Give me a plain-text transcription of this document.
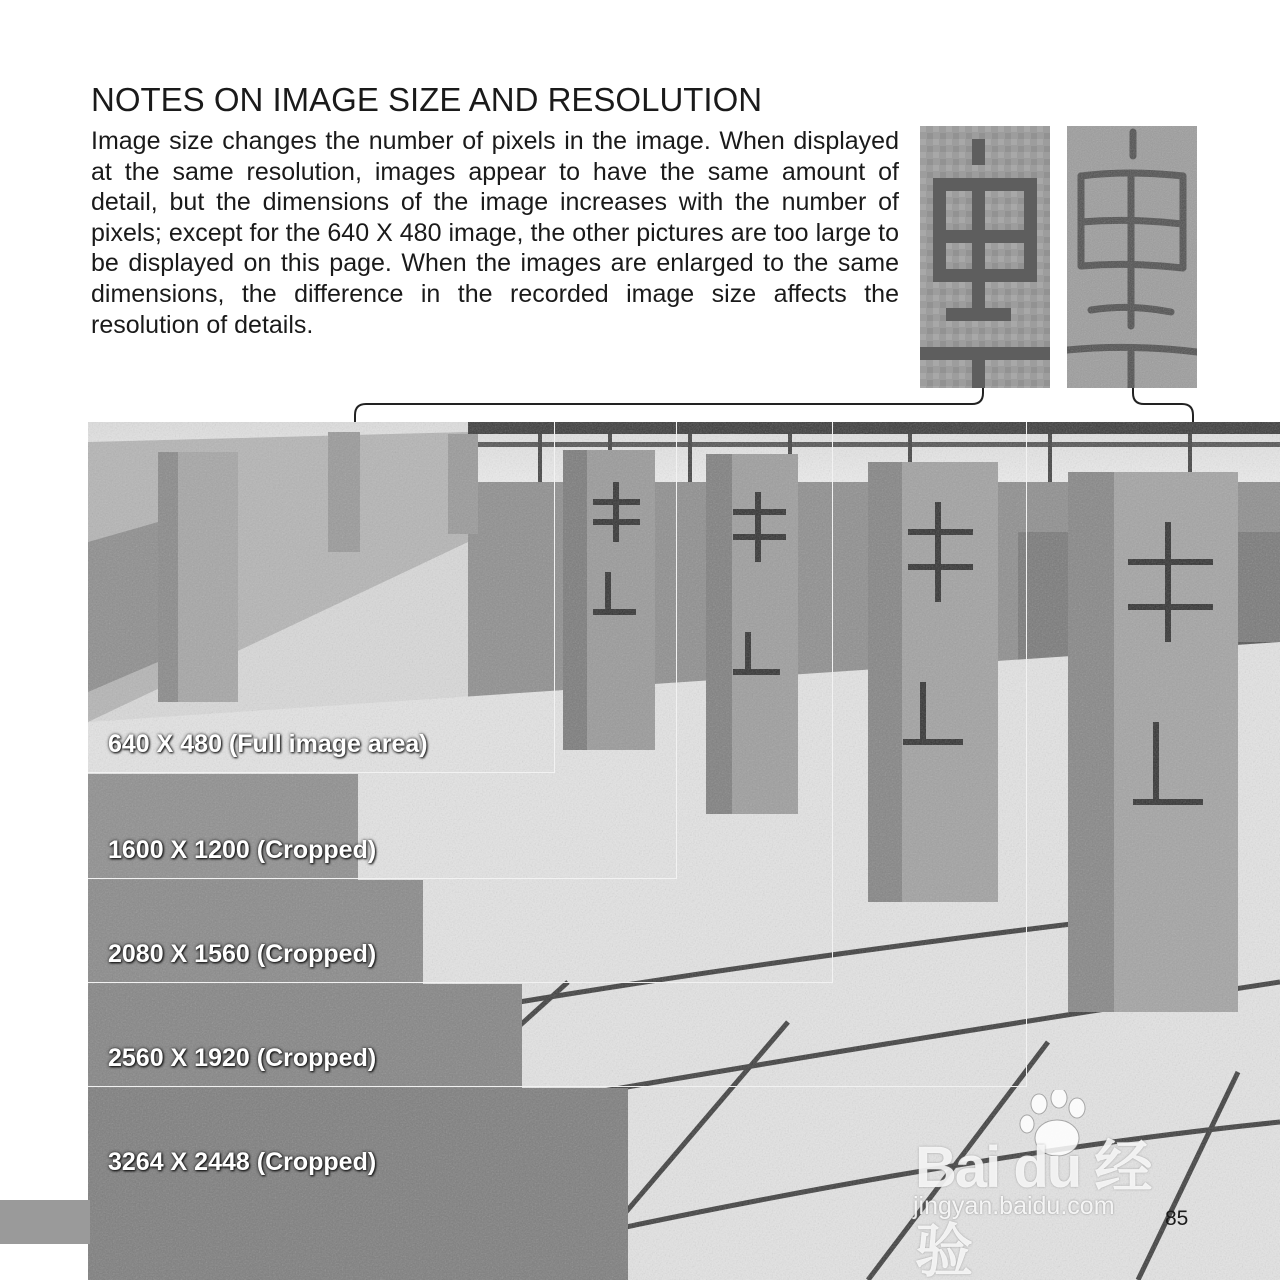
NOTES ON IMAGE SIZE AND RESOLUTION
Image size changes the number of pixels in the image. When displayed at the same resolution, images appear to have the same amount of detail, but the dimensions of the image increases with the number of pixels; except for the 640 X 480 image, the other pictures are too large to be displayed on this page. When the images are enlarged to the same dimensions, the difference in the recorded image size affects the resolution of details.
640 X 480 (Full image area)
1600 X 1200 (Cropped)
2080 X 1560 (Cropped)
2560 X 1920 (Cropped)
3264 X 2448 (Cropped)	Bai du 经验
jingyan.baidu.com 85
